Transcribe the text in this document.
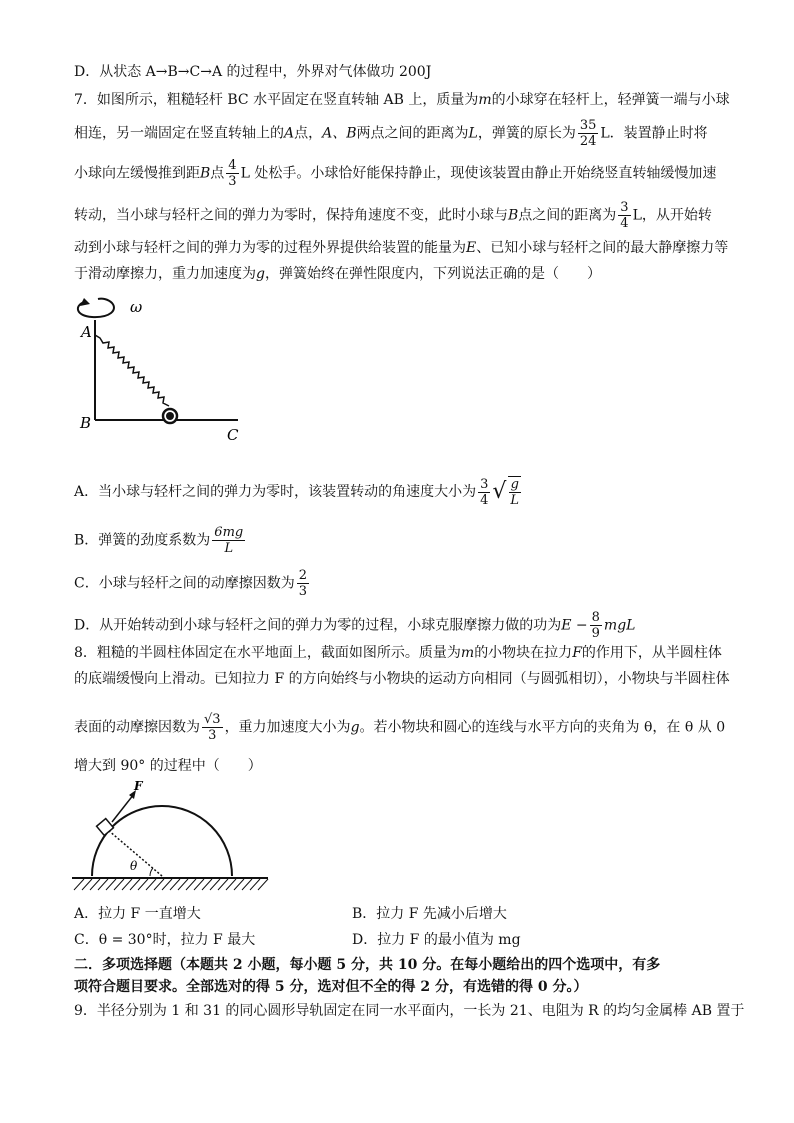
D．从状态 A→B→C→A 的过程中，外界对气体做功 200J
7．如图所示，粗糙轻杆 BC 水平固定在竖直转轴 AB 上，质量为m的小球穿在轻杆上，轻弹簧一端与小球
相连，另一端固定在竖直转轴上的A点，A、B两点之间的距离为L，弹簧的原长为 $\frac{35}{24}$ L．装置静止时将
小球向左缓慢推到距B点 $\frac{4}{3}$ L 处松手。小球恰好能保持静止，现使该装置由静止开始绕竖直转轴缓慢加速
转动，当小球与轻杆之间的弹力为零时，保持角速度不变，此时小球与B点之间的距离为 $\frac{3}{4}$ L，从开始转
动到小球与轻杆之间的弹力为零的过程外界提供给装置的能量为E、已知小球与轻杆之间的最大静摩擦力等
于滑动摩擦力，重力加速度为g，弹簧始终在弹性限度内，下列说法正确的是（　　）
ω
A
B
C
A．当小球与轻杆之间的弹力为零时，该装置转动的角速度大小为 $\frac{3}{4}$ √ $\frac{g}{L}$
B．弹簧的劲度系数为 $\frac{6mg}{L}$
C．小球与轻杆之间的动摩擦因数为 $\frac{2}{3}$
D．从开始转动到小球与轻杆之间的弹力为零的过程，小球克服摩擦力做的功为$E - \frac{8}{9}$ mgL
8．粗糙的半圆柱体固定在水平地面上，截面如图所示。质量为m的小物块在拉力F的作用下，从半圆柱体
的底端缓慢向上滑动。已知拉力 F 的方向始终与小物块的运动方向相同（与圆弧相切），小物块与半圆柱体
表面的动摩擦因数为 $\frac{√3}{3}$ ，重力加速度大小为g。若小物块和圆心的连线与水平方向的夹角为 θ，在 θ 从 0
增大到 90° 的过程中（　　）
θ
F
A．拉力 F 一直增大	B．拉力 F 先减小后增大
C．θ = 30°时，拉力 F 最大	D．拉力 F 的最小值为 mg
二．多项选择题（本题共 2 小题，每小题 5 分，共 10 分。在每小题给出的四个选项中，有多
项符合题目要求。全部选对的得 5 分，选对但不全的得 2 分，有选错的得 0 分。）
9．半径分别为 1 和 31 的同心圆形导轨固定在同一水平面内，一长为 21、电阻为 R 的均匀金属棒 AB 置于
